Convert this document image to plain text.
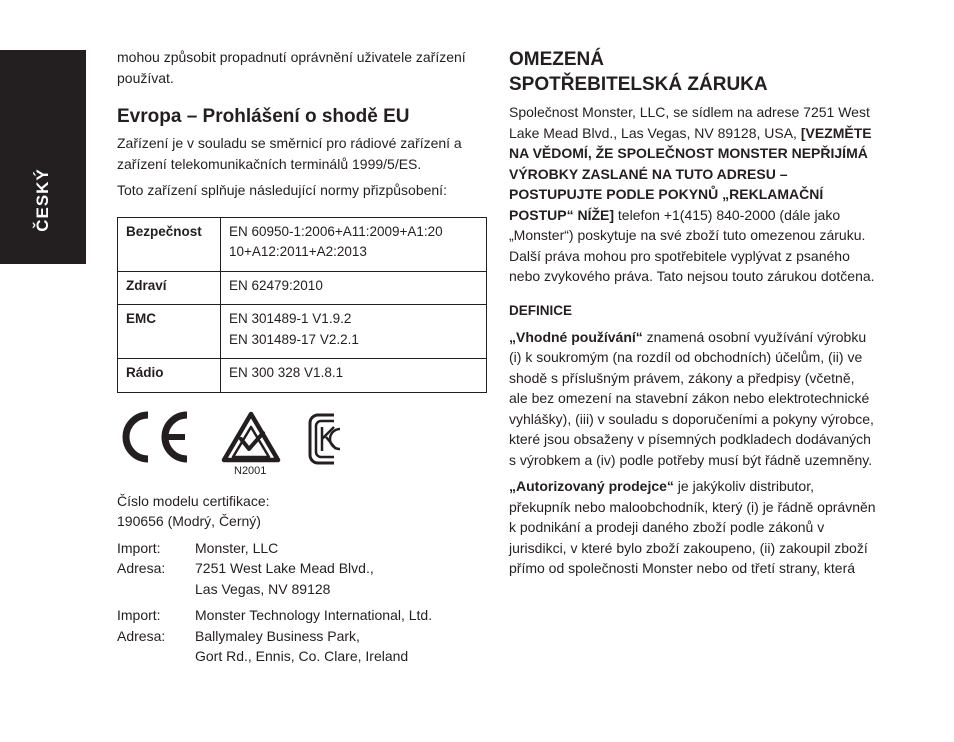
ČESKÝ

mohou způsobit propadnutí oprávnění uživatele zařízení používat.

Evropa – Prohlášení o shodě EU

Zařízení je v souladu se směrnicí pro rádiové zařízení a zařízení telekomunikačních terminálů 1999/5/ES.

Toto zařízení splňuje následující normy přizpůsobení:

Bezpečnost	EN 60950-1:2006+A11:2009+A1:20
10+A12:2011+A2:2013

Zdraví	EN 62479:2010

EMC	EN 301489-1 V1.9.2
EN 301489-17 V2.2.1

Rádio	EN 300 328 V1.8.1
N2001

Číslo modelu certifikace:

190656 (Modrý, Černý)

Import:	Monster, LLC
Adresa:	7251 West Lake Mead Blvd.,
Las Vegas, NV 89128
Import:	Monster Technology International, Ltd.
Adresa:	Ballymaley Business Park,
Gort Rd., Ennis, Co. Clare, Ireland
OMEZENÁ
SPOTŘEBITELSKÁ ZÁRUKA

Společnost Monster, LLC, se sídlem na adrese 7251 West Lake Mead Blvd., Las Vegas, NV 89128, USA, [VEZMĚTE NA VĚDOMÍ, ŽE SPOLEČNOST MONSTER NEPŘIJÍMÁ VÝROBKY ZASLANÉ NA TUTO ADRESU – POSTUPUJTE PODLE POKYNŮ „REKLAMAČNÍ POSTUP“ NÍŽE] telefon +1(415) 840-2000 (dále jako „Monster“) poskytuje na své zboží tuto omezenou záruku. Další práva mohou pro spotřebitele vyplývat z psaného nebo zvykového práva. Tato nejsou touto zárukou dotčena.

DEFINICE

„Vhodné používání“ znamená osobní využívání výrobku (i) k soukromým (na rozdíl od obchodních) účelům, (ii) ve shodě s příslušným právem, zákony a předpisy (včetně, ale bez omezení na stavební zákon nebo elektrotechnické vyhlášky), (iii) v souladu s doporučeními a pokyny výrobce, které jsou obsaženy v písemných podkladech dodávaných s výrobkem a (iv) podle potřeby musí být řádně uzemněny.

„Autorizovaný prodejce“ je jakýkoliv distributor, překupník nebo maloobchodník, který (i) je řádně oprávněn k podnikání a prodeji daného zboží podle zákonů v jurisdikci, v které bylo zboží zakoupeno, (ii) zakoupil zboží přímo od společnosti Monster nebo od třetí strany, která
